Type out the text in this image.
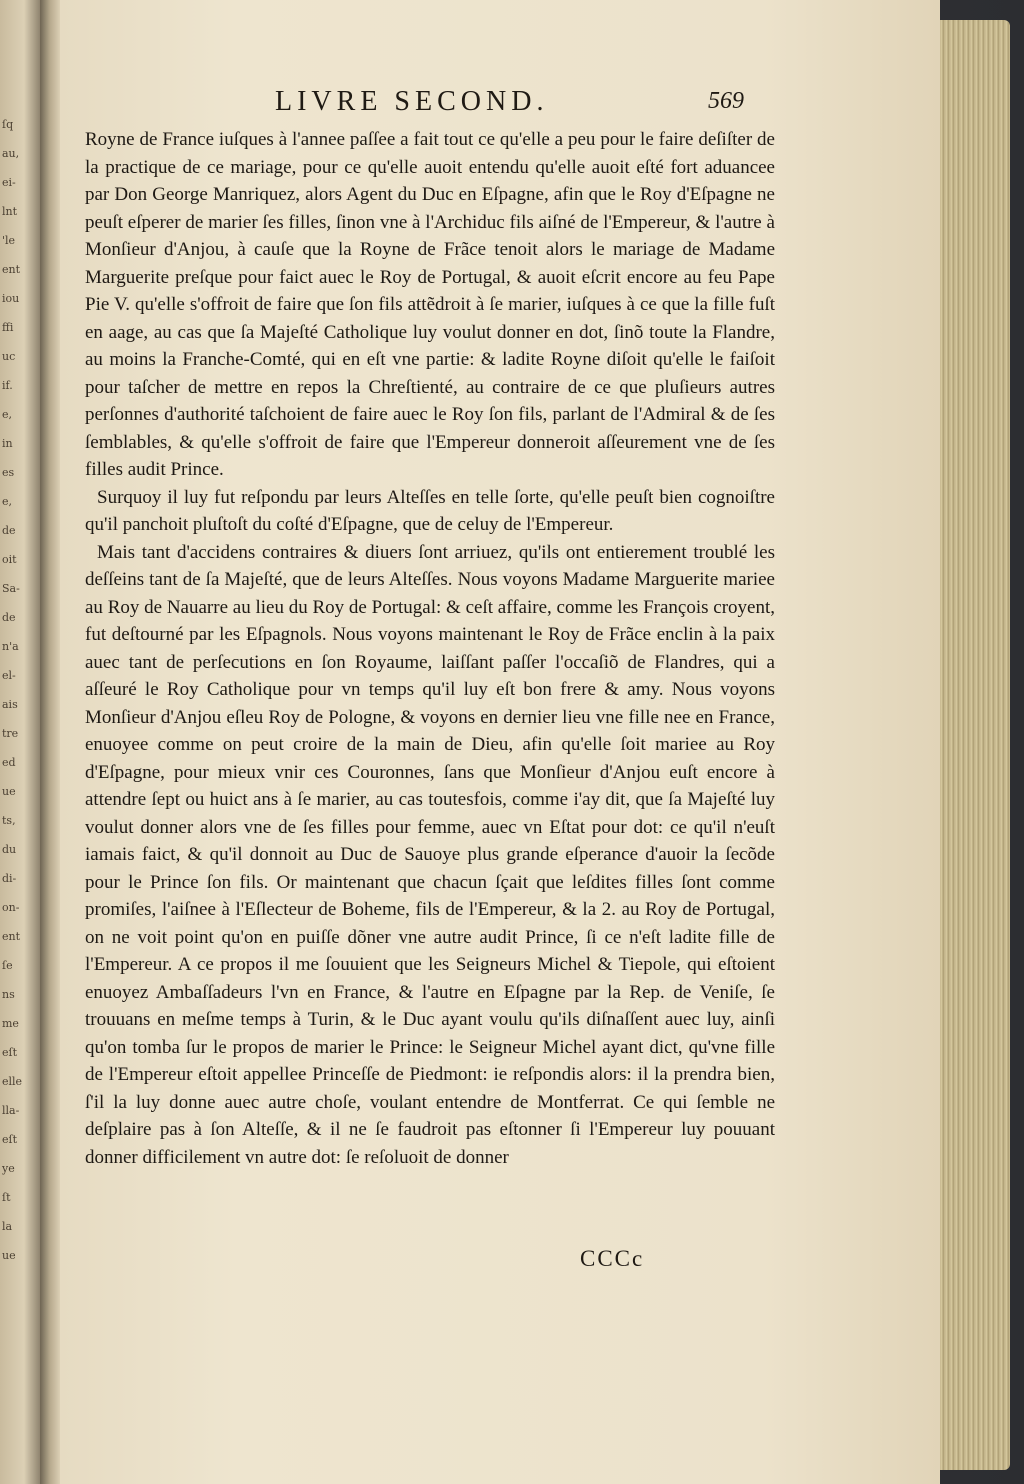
ſq
au,
ei-
lnt
'le
ent
iou
ffi
uc
if.
e,
in
es
e,
de
oit
Sa-
de
n'a
el-
ais
tre
ed
ue
ts,
du
di-
on-
ent
ſe
ns
me
eſt
elle
lla-
eſt
ye
ſt
la
ue
LIVRE SECOND.	569

Royne de France iuſques à l'annee paſſee a fait tout ce qu'elle a peu pour le faire deſiſter de la practique de ce mariage, pour ce qu'elle auoit entendu qu'elle auoit eſté fort aduancee par Don George Manriquez, alors Agent du Duc en Eſpagne, afin que le Roy d'Eſpagne ne peuſt eſperer de marier ſes filles, ſinon vne à l'Archiduc fils aiſné de l'Empereur, & l'autre à Monſieur d'Anjou, à cauſe que la Royne de Frãce tenoit alors le mariage de Madame Marguerite preſque pour faict auec le Roy de Portugal, & auoit eſcrit encore au feu Pape Pie V. qu'elle s'offroit de faire que ſon fils attẽdroit à ſe marier, iuſques à ce que la fille fuſt en aage, au cas que ſa Majeſté Catholique luy voulut donner en dot, ſinõ toute la Flandre, au moins la Franche-Comté, qui en eſt vne partie: & ladite Royne diſoit qu'elle le faiſoit pour taſcher de mettre en repos la Chreſtienté, au contraire de ce que pluſieurs autres perſonnes d'authorité taſchoient de faire auec le Roy ſon fils, parlant de l'Admiral & de ſes ſemblables, & qu'elle s'offroit de faire que l'Empereur donneroit aſſeurement vne de ſes filles audit Prince.

Surquoy il luy fut reſpondu par leurs Alteſſes en telle ſorte, qu'elle peuſt bien cognoiſtre qu'il panchoit pluſtoſt du coſté d'Eſpagne, que de celuy de l'Empereur.

Mais tant d'accidens contraires & diuers ſont arriuez, qu'ils ont entierement troublé les deſſeins tant de ſa Majeſté, que de leurs Alteſſes. Nous voyons Madame Marguerite mariee au Roy de Nauarre au lieu du Roy de Portugal: & ceſt affaire, comme les François croyent, fut deſtourné par les Eſpagnols. Nous voyons maintenant le Roy de Frãce enclin à la paix auec tant de perſecutions en ſon Royaume, laiſſant paſſer l'occaſiõ de Flandres, qui a aſſeuré le Roy Catholique pour vn temps qu'il luy eſt bon frere & amy. Nous voyons Monſieur d'Anjou eſleu Roy de Pologne, & voyons en dernier lieu vne fille nee en France, enuoyee comme on peut croire de la main de Dieu, afin qu'elle ſoit mariee au Roy d'Eſpagne, pour mieux vnir ces Couronnes, ſans que Monſieur d'Anjou euſt encore à attendre ſept ou huict ans à ſe marier, au cas toutesfois, comme i'ay dit, que ſa Majeſté luy voulut donner alors vne de ſes filles pour femme, auec vn Eſtat pour dot: ce qu'il n'euſt iamais faict, & qu'il donnoit au Duc de Sauoye plus grande eſperance d'auoir la ſecõde pour le Prince ſon fils. Or maintenant que chacun ſçait que leſdites filles ſont comme promiſes, l'aiſnee à l'Eſlecteur de Boheme, fils de l'Empereur, & la 2. au Roy de Portugal, on ne voit point qu'on en puiſſe dõner vne autre audit Prince, ſi ce n'eſt ladite fille de l'Empereur. A ce propos il me ſouuient que les Seigneurs Michel & Tiepole, qui eſtoient enuoyez Ambaſſadeurs l'vn en France, & l'autre en Eſpagne par la Rep. de Veniſe, ſe trouuans en meſme temps à Turin, & le Duc ayant voulu qu'ils diſnaſſent auec luy, ainſi qu'on tomba ſur le propos de marier le Prince: le Seigneur Michel ayant dict, qu'vne fille de l'Empereur eſtoit appellee Princeſſe de Piedmont: ie reſpondis alors: il la prendra bien, ſ'il la luy donne auec autre choſe, voulant entendre de Montferrat. Ce qui ſemble ne deſplaire pas à ſon Alteſſe, & il ne ſe faudroit pas eſtonner ſi l'Empereur luy pouuant donner difficilement vn autre dot: ſe reſoluoit de donner

CCCc
